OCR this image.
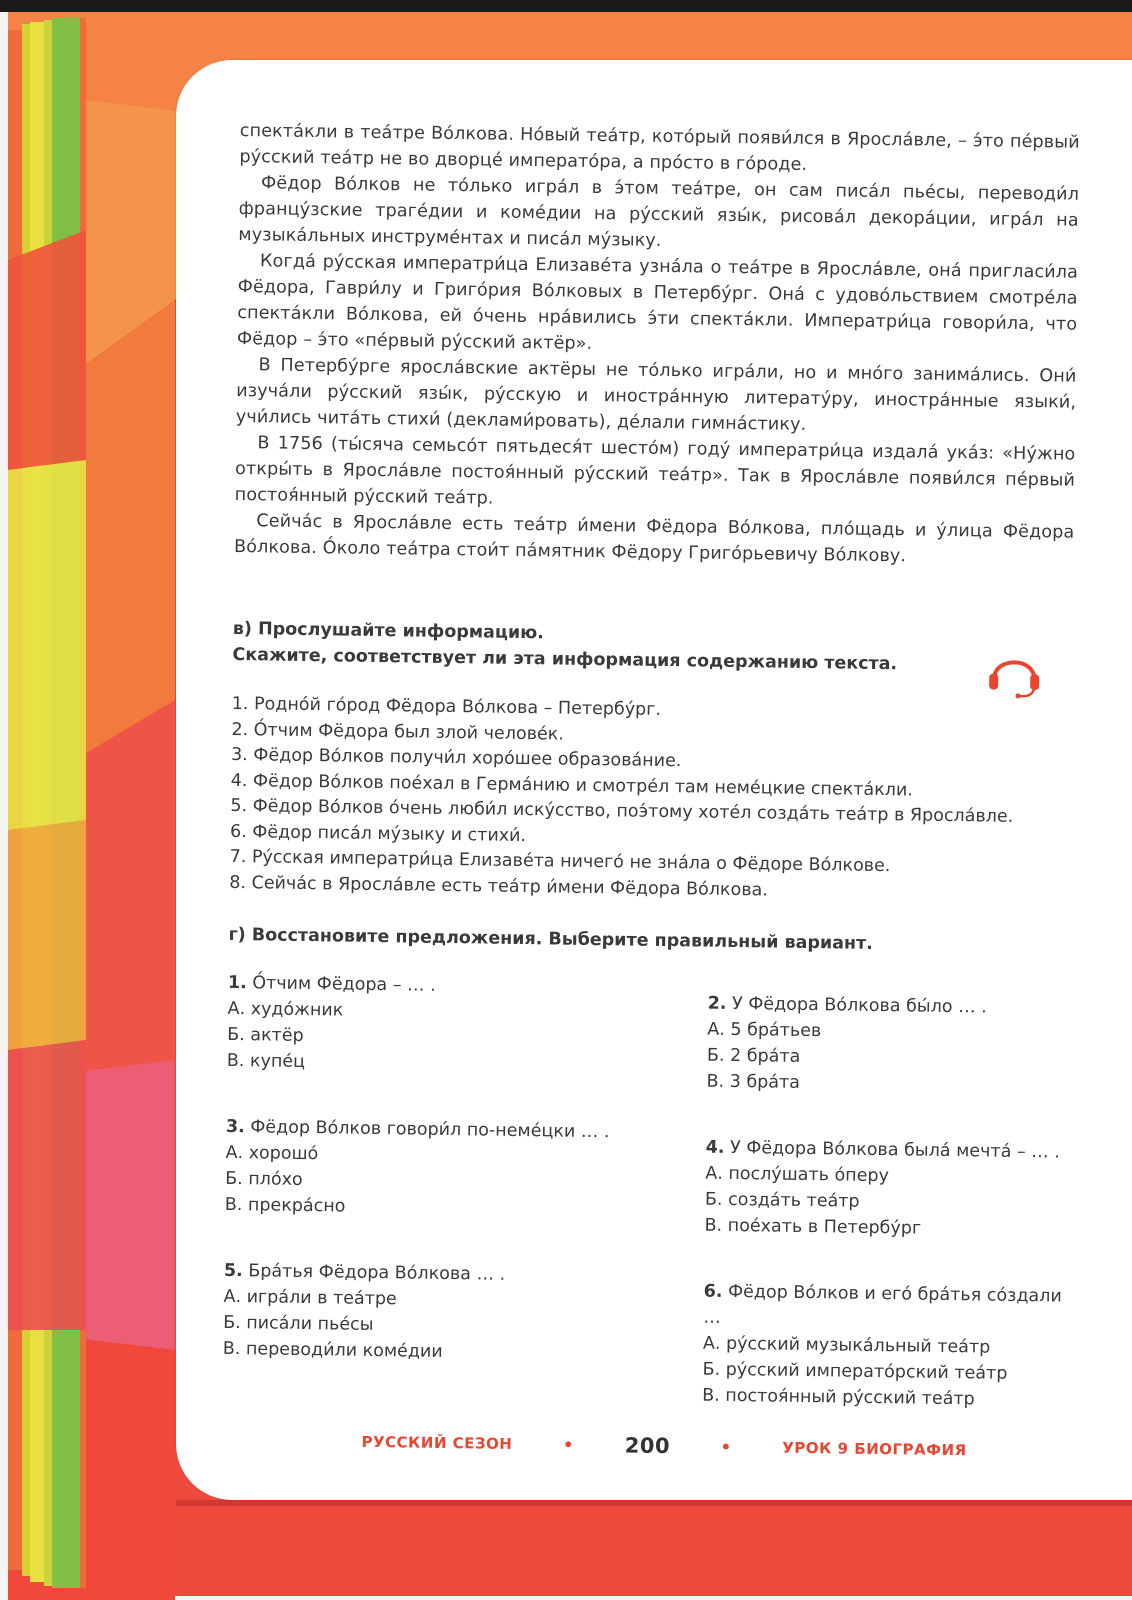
спекта́кли в теа́тре Во́лкова. Но́вый теа́тр, кото́рый появи́лся в Яросла́вле, – э́то пе́рвый ру́сский теа́тр не во дворце́ императо́ра, а про́сто в го́роде.

Фёдор Во́лков не то́лько игра́л в э́том теа́тре, он сам писа́л пье́сы, переводи́л францу́зские траге́дии и коме́дии на ру́сский язы́к, рисова́л декора́ции, игра́л на музыка́льных инструме́нтах и писа́л му́зыку.

Когда́ ру́сская императри́ца Елизаве́та узна́ла о теа́тре в Яросла́вле, она́ пригласи́ла Фёдора, Гаври́лу и Григо́рия Во́лковых в Петербу́рг. Она́ с удово́льствием смотре́ла спекта́кли Во́лкова, ей о́чень нра́вились э́ти спекта́кли. Императри́ца говори́ла, что Фёдор – э́то «пе́рвый ру́сский актёр».

В Петербу́рге яросла́вские актёры не то́лько игра́ли, но и мно́го занима́лись. Они́ изуча́ли ру́сский язы́к, ру́сскую и иностра́нную литерату́ру, иностра́нные языки́, учи́лись чита́ть стихи́ (деклами́ровать), де́лали гимна́стику.

В 1756 (ты́сяча семьсо́т пятьдеся́т шесто́м) году́ императри́ца издала́ ука́з: «Ну́жно откры́ть в Яросла́вле постоя́нный ру́сский теа́тр». Так в Яросла́вле появи́лся пе́рвый постоя́нный ру́сский теа́тр.

Сейча́с в Яросла́вле есть теа́тр и́мени Фёдора Во́лкова, пло́щадь и у́лица Фёдора Во́лкова. О́коло теа́тра стои́т па́мятник Фёдору Григо́рьевичу Во́лкову.

в) Прослушайте информацию.

Скажите, соответствует ли эта информация содержанию текста.

1. Родно́й го́род Фёдора Во́лкова – Петербу́рг.
2. О́тчим Фёдора был злой челове́к.
3. Фёдор Во́лков получи́л хоро́шее образова́ние.
4. Фёдор Во́лков пое́хал в Герма́нию и смотре́л там неме́цкие спекта́кли.
5. Фёдор Во́лков о́чень люби́л иску́сство, поэ́тому хоте́л созда́ть теа́тр в Яросла́вле.
6. Фёдор писа́л му́зыку и стихи́.
7. Ру́сская императри́ца Елизаве́та ничего́ не зна́ла о Фёдоре Во́лкове.
8. Сейча́с в Яросла́вле есть теа́тр и́мени Фёдора Во́лкова.

г) Восстановите предложения. Выберите правильный вариант.

1. О́тчим Фёдора – … .
А. худо́жник
Б. актёр
В. купе́ц
2. У Фёдора Во́лкова бы́ло … .
А. 5 бра́тьев
Б. 2 бра́та
В. 3 бра́та
3. Фёдор Во́лков говори́л по-неме́цки … .
А. хорошо́
Б. пло́хо
В. прекра́сно
4. У Фёдора Во́лкова была́ мечта́ – … .
А. послу́шать о́перу
Б. созда́ть теа́тр
В. пое́хать в Петербу́рг
5. Бра́тья Фёдора Во́лкова … .
А. игра́ли в теа́тре
Б. писа́ли пье́сы
В. переводи́ли коме́дии
6. Фёдор Во́лков и его́ бра́тья со́здали …
А. ру́сский музыка́льный теа́тр
Б. ру́сский императо́рский теа́тр
В. постоя́нный ру́сский теа́тр
РУССКИЙ СЕЗОН • 200 •	УРОК 9 БИОГРАФИЯ
